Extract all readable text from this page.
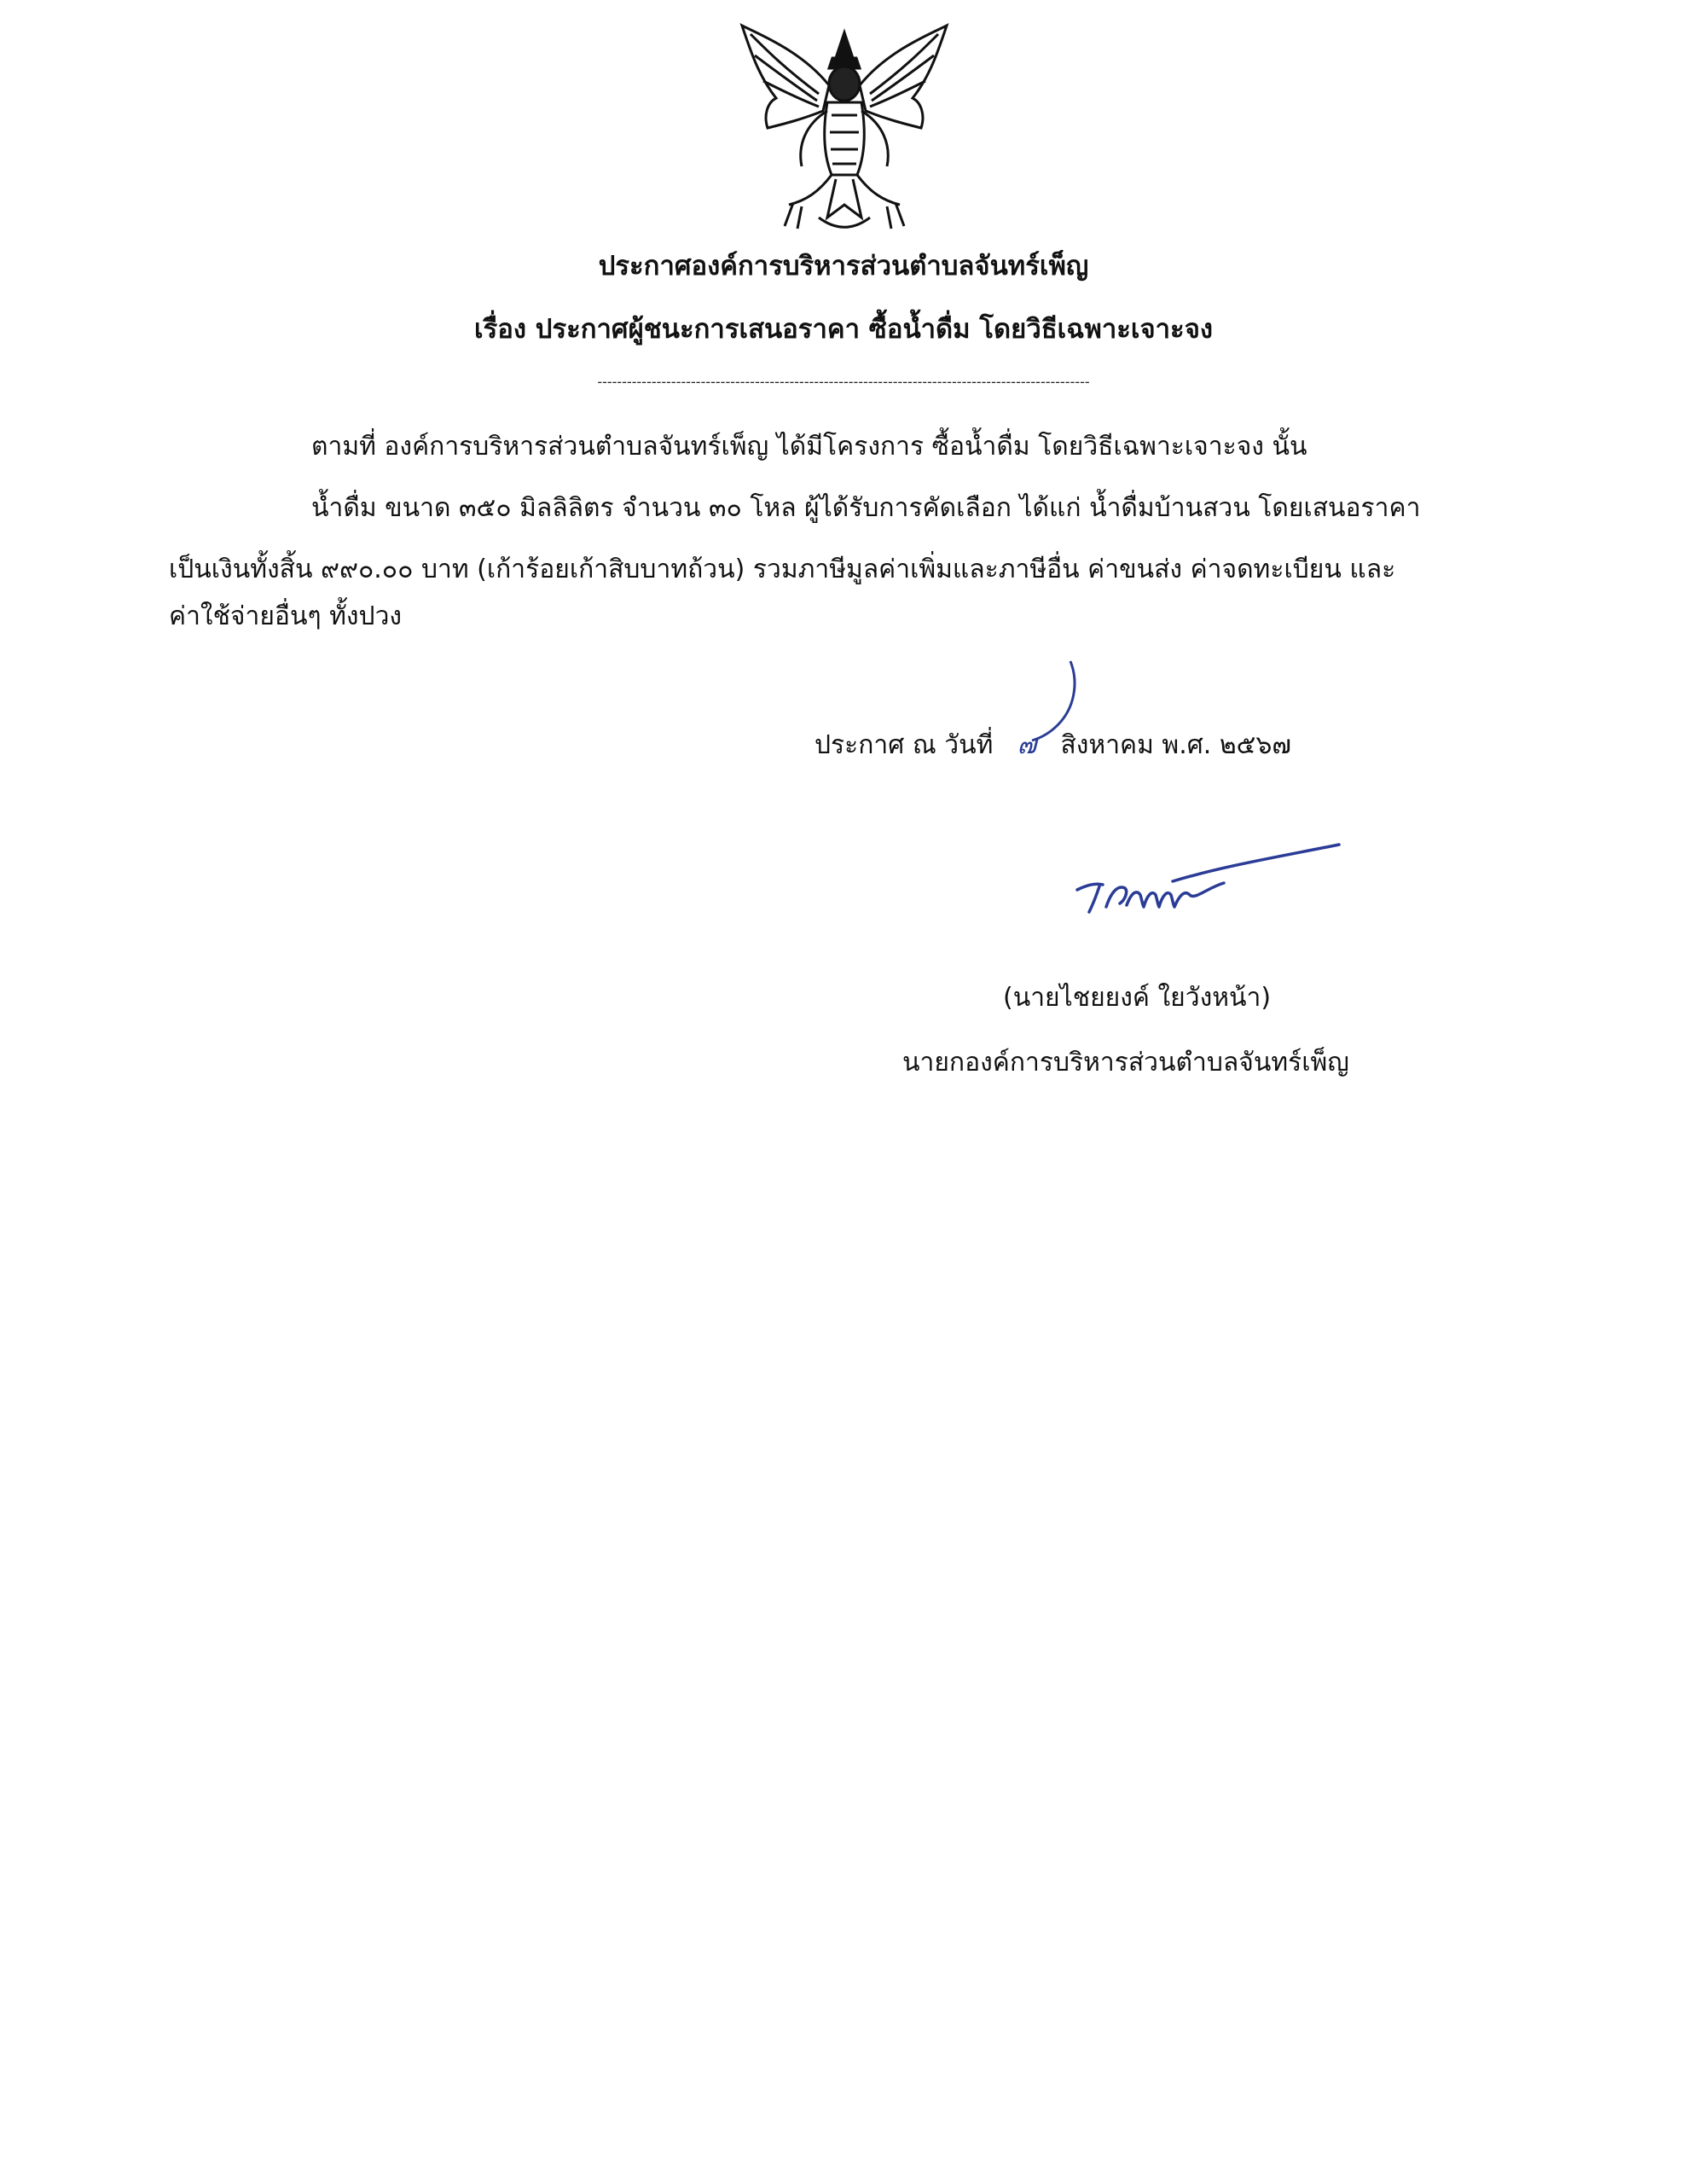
ประกาศองค์การบริหารส่วนตำบลจันทร์เพ็ญ
เรื่อง ประกาศผู้ชนะการเสนอราคา ซื้อน้ำดื่ม โดยวิธีเฉพาะเจาะจง
----------------------------------------------------------------------------------------------------
ตามที่ องค์การบริหารส่วนตำบลจันทร์เพ็ญ ได้มีโครงการ ซื้อน้ำดื่ม โดยวิธีเฉพาะเจาะจง นั้น
น้ำดื่ม ขนาด ๓๕๐ มิลลิลิตร จำนวน ๓๐ โหล ผู้ได้รับการคัดเลือก ได้แก่ น้ำดื่มบ้านสวน โดยเสนอราคา
เป็นเงินทั้งสิ้น ๙๙๐.๐๐ บาท (เก้าร้อยเก้าสิบบาทถ้วน) รวมภาษีมูลค่าเพิ่มและภาษีอื่น ค่าขนส่ง ค่าจดทะเบียน และ
ค่าใช้จ่ายอื่นๆ ทั้งปวง
ประกาศ ณ วันที่ ๗ สิงหาคม พ.ศ. ๒๕๖๗
(นายไชยยงค์ ใยวังหน้า)
นายกองค์การบริหารส่วนตำบลจันทร์เพ็ญ
